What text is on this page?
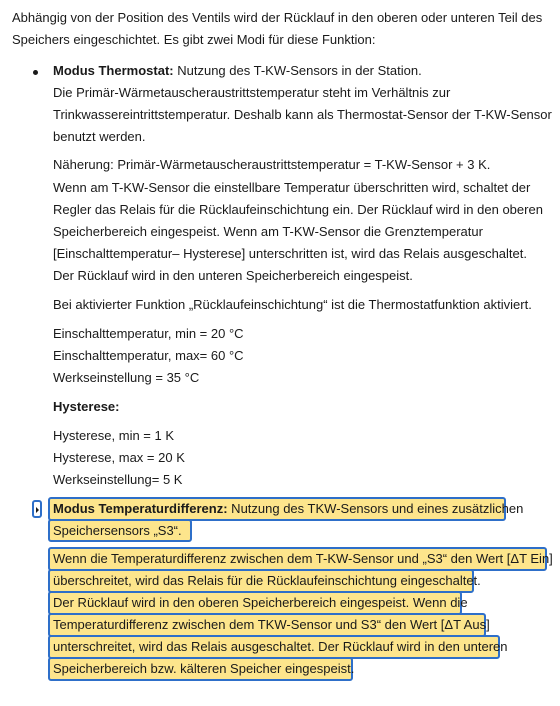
Abhängig von der Position des Ventils wird der Rücklauf in den oberen oder unteren Teil des
Speichers eingeschichtet. Es gibt zwei Modi für diese Funktion:
Modus Thermostat: Nutzung des T-KW-Sensors in der Station.
Die Primär-Wärmetauscheraustrittstemperatur steht im Verhältnis zur
Trinkwassereintrittstemperatur. Deshalb kann als Thermostat-Sensor der T-KW-Sensor
benutzt werden.
Näherung: Primär-Wärmetauscheraustrittstemperatur = T-KW-Sensor + 3 K.
Wenn am T-KW-Sensor die einstellbare Temperatur überschritten wird, schaltet der
Regler das Relais für die Rücklaufeinschichtung ein. Der Rücklauf wird in den oberen
Speicherbereich eingespeist. Wenn am T-KW-Sensor die Grenztemperatur
[Einschalttemperatur– Hysterese] unterschritten ist, wird das Relais ausgeschaltet.
Der Rücklauf wird in den unteren Speicherbereich eingespeist.
Bei aktivierter Funktion „Rücklaufeinschichtung“ ist die Thermostatfunktion aktiviert.
Einschalttemperatur, min = 20 °C
Einschalttemperatur, max= 60 °C
Werkseinstellung = 35 °C
Hysterese:
Hysterese, min = 1 K
Hysterese, max = 20 K
Werkseinstellung= 5 K
Modus Temperaturdifferenz: Nutzung des TKW-Sensors und eines zusätzlichen
Speichersensors „S3“.
Wenn die Temperaturdifferenz zwischen dem T-KW-Sensor und „S3“ den Wert [ΔT Ein]
überschreitet, wird das Relais für die Rücklaufeinschichtung eingeschaltet.
Der Rücklauf wird in den oberen Speicherbereich eingespeist. Wenn die
Temperaturdifferenz zwischen dem TKW-Sensor und S3“ den Wert [ΔT Aus]
unterschreitet, wird das Relais ausgeschaltet. Der Rücklauf wird in den unteren
Speicherbereich bzw. kälteren Speicher eingespeist.
